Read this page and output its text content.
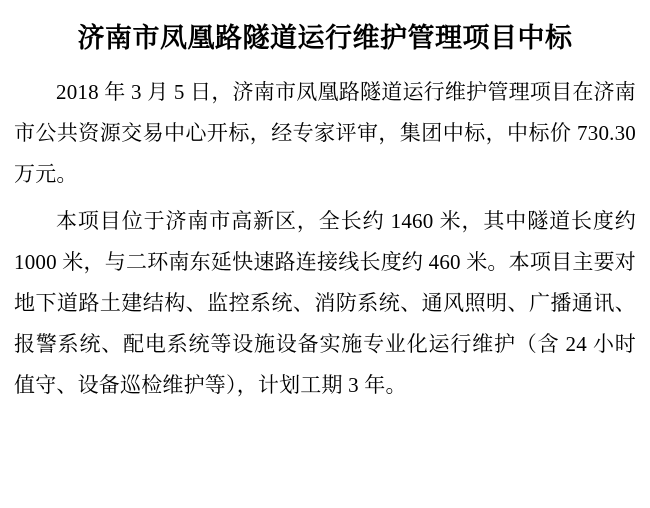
济南市凤凰路隧道运行维护管理项目中标

2018 年 3 月 5 日，济南市凤凰路隧道运行维护管理项目在济南市公共资源交易中心开标，经专家评审，集团中标，中标价 730.30 万元。

本项目位于济南市高新区，全长约 1460 米，其中隧道长度约 1000 米，与二环南东延快速路连接线长度约 460 米。本项目主要对地下道路土建结构、监控系统、消防系统、通风照明、广播通讯、报警系统、配电系统等设施设备实施专业化运行维护（含 24 小时值守、设备巡检维护等），计划工期 3 年。
